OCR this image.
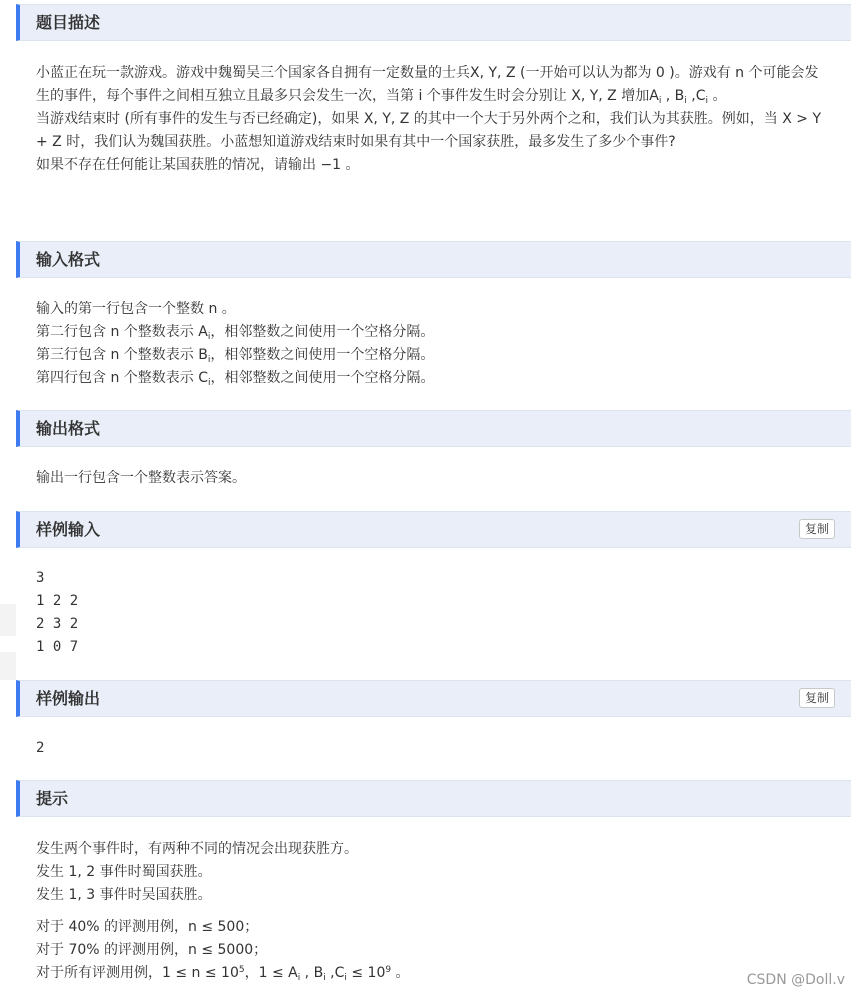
题目描述

小蓝正在玩一款游戏。游戏中魏蜀吴三个国家各自拥有一定数量的士兵X, Y, Z (一开始可以认为都为 0 )。游戏有 n 个可能会发生的事件，每个事件之间相互独立且最多只会发生一次，当第 i 个事件发生时会分别让 X, Y, Z 增加$A_i$ , $B_i$ $,C_i$ 。

当游戏结束时 (所有事件的发生与否已经确定)，如果 X, Y, Z 的其中一个大于另外两个之和，我们认为其获胜。例如，当 X > Y + Z 时，我们认为魏国获胜。小蓝想知道游戏结束时如果有其中一个国家获胜，最多发生了多少个事件?

如果不存在任何能让某国获胜的情况，请输出 −1 。

输入格式

输入的第一行包含一个整数 n 。

第二行包含 n 个整数表示 $A_i$，相邻整数之间使用一个空格分隔。

第三行包含 n 个整数表示 $B_i$，相邻整数之间使用一个空格分隔。

第四行包含 n 个整数表示 $C_i$，相邻整数之间使用一个空格分隔。

输出格式

输出一行包含一个整数表示答案。

样例输入	复制
3
1 2 2
2 3 2
1 0 7
样例输出	复制
2
提示

发生两个事件时，有两种不同的情况会出现获胜方。

发生 1, 2 事件时蜀国获胜。

发生 1, 3 事件时吴国获胜。

对于 40% 的评测用例，n ≤ 500；

对于 70% 的评测用例，n ≤ 5000；

对于所有评测用例，$1 \le n \le 10^5$，$1 \le A_i$ , $B_i$ $,C_i \le 10^9$ 。	CSDN @Doll.v
